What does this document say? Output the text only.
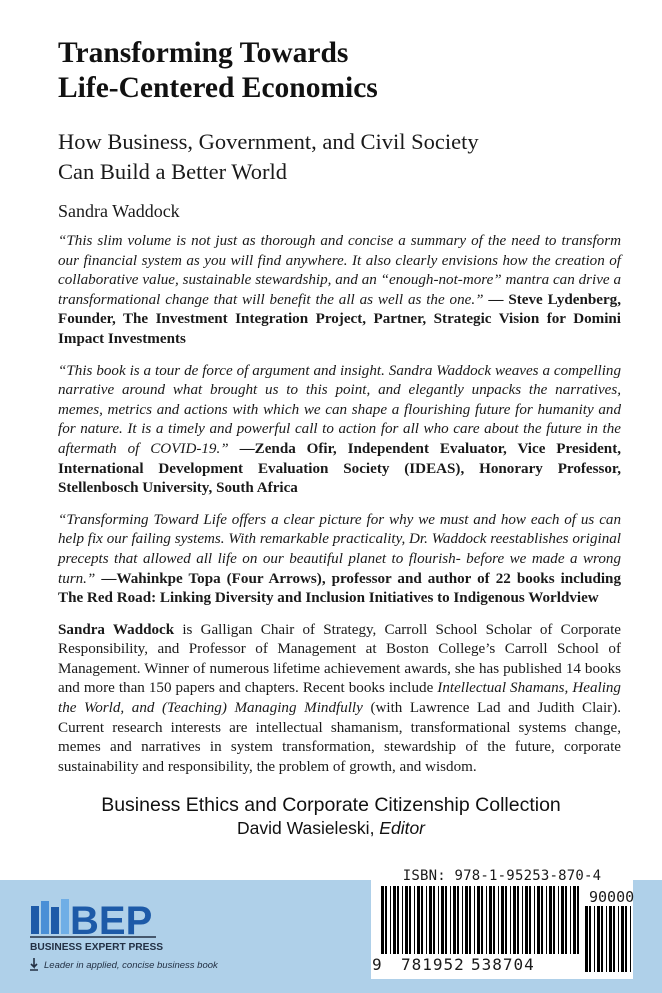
Transforming Towards
Life-Centered Economics
How Business, Government, and Civil Society
Can Build a Better World
Sandra Waddock

“This slim volume is not just as thorough and concise a summary of the need to transform our financial system as you will find anywhere. It also clearly envisions how the creation of collaborative value, sustainable stewardship, and an “enough-not-more” mantra can drive a transformational change that will benefit the all as well as the one.” — Steve Lydenberg, Founder, The Investment Integration Project, Partner, Strategic Vision for Domini Impact Investments

“This book is a tour de force of argument and insight. Sandra Waddock weaves a compelling narrative around what brought us to this point, and elegantly unpacks the narratives, memes, metrics and actions with which we can shape a flourishing future for humanity and for nature. It is a timely and powerful call to action for all who care about the future in the aftermath of COVID-19.” —Zenda Ofir, Independent Evaluator, Vice President, International Development Evaluation Society (IDEAS), Honorary Professor, Stellenbosch University, South Africa

“Transforming Toward Life offers a clear picture for why we must and how each of us can help fix our failing systems. With remarkable practicality, Dr. Waddock reestablishes original precepts that allowed all life on our beautiful planet to flourish- before we made a wrong turn.” —Wahinkpe Topa (Four Arrows), professor and author of 22 books including The Red Road: Linking Diversity and Inclusion Initiatives to Indigenous Worldview

Sandra Waddock is Galligan Chair of Strategy, Carroll School Scholar of Corporate Responsibility, and Professor of Management at Boston College’s Carroll School of Management. Winner of numerous lifetime achievement awards, she has published 14 books and more than 150 papers and chapters. Recent books include Intellectual Shamans, Healing the World, and (Teaching) Managing Mindfully (with Lawrence Lad and Judith Clair). Current research interests are intellectual shamanism, transformational systems change, memes and narratives in system transformation, stewardship of the future, corporate sustainability and responsibility, the problem of growth, and wisdom.

Business Ethics and Corporate Citizenship Collection
David Wasieleski, Editor
BEP
BUSINESS EXPERT PRESS
Leader in applied, concise business books
ISBN: 978-1-95253-870-4
90000
9 781952 538704
